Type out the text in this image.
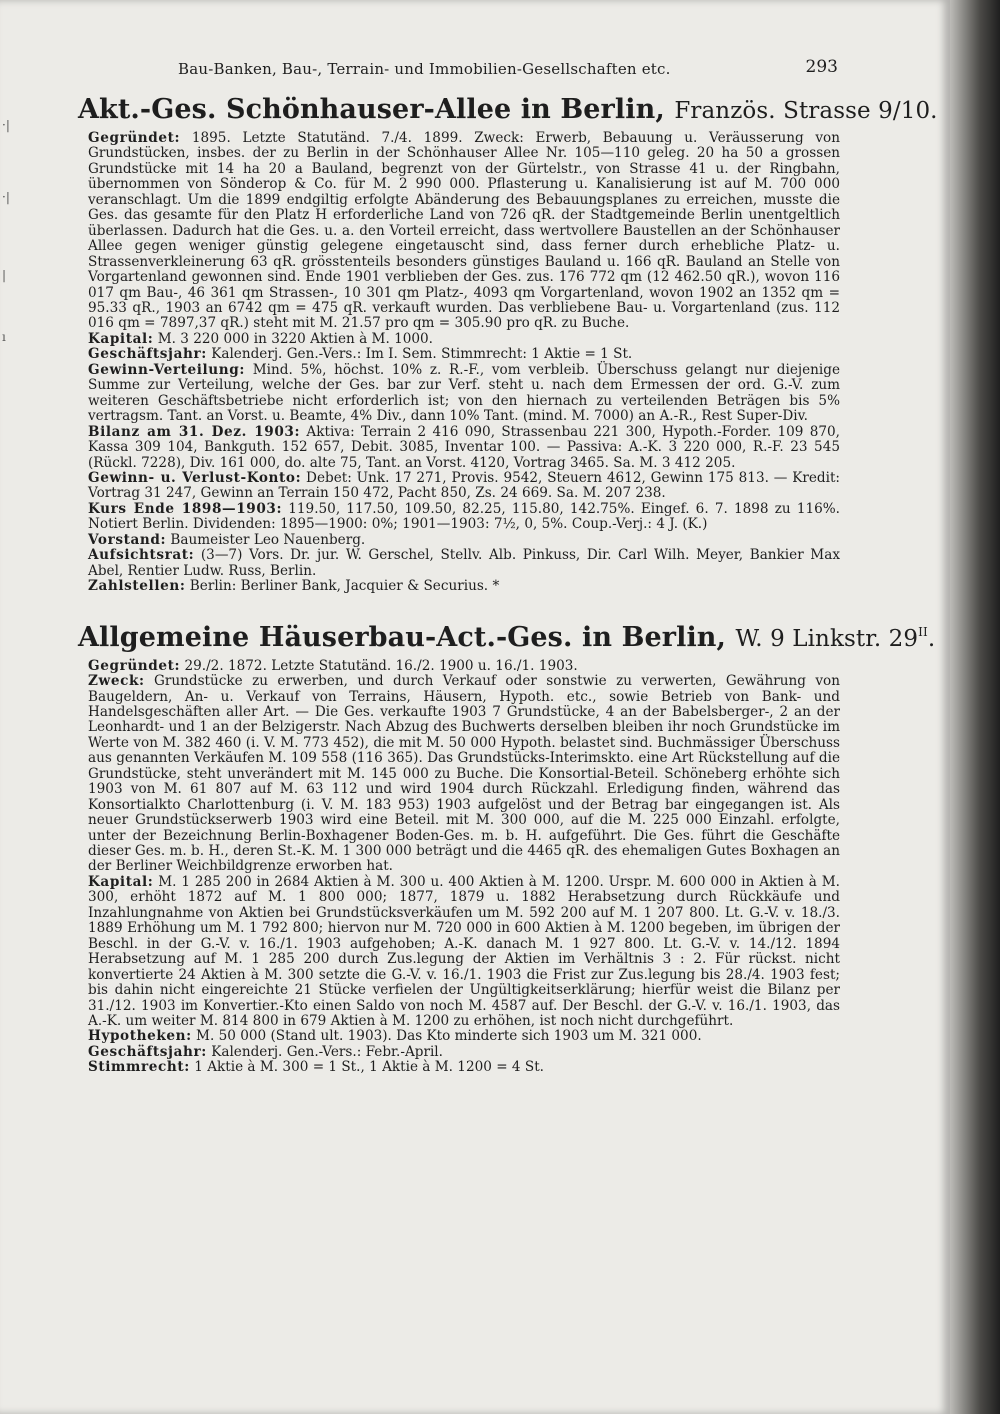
·|
·|
|
ı
Bau-Banken, Bau-, Terrain- und Immobilien-Gesellschaften etc.	293
Akt.-Ges. Schönhauser-Allee in Berlin, Französ. Strasse 9/10.

Gegründet: 1895. Letzte Statutänd. 7./4. 1899. Zweck: Erwerb, Bebauung u. Veräusserung von Grundstücken, insbes. der zu Berlin in der Schönhauser Allee Nr. 105—110 geleg. 20 ha 50 a grossen Grundstücke mit 14 ha 20 a Bauland, begrenzt von der Gürtelstr., von Strasse 41 u. der Ringbahn, übernommen von Sönderop & Co. für M. 2 990 000. Pflasterung u. Kanalisierung ist auf M. 700 000 veranschlagt. Um die 1899 endgiltig erfolgte Abänderung des Bebauungsplanes zu erreichen, musste die Ges. das gesamte für den Platz H erforderliche Land von 726 qR. der Stadtgemeinde Berlin unentgeltlich überlassen. Dadurch hat die Ges. u. a. den Vorteil erreicht, dass wertvollere Baustellen an der Schönhauser Allee gegen weniger günstig gelegene eingetauscht sind, dass ferner durch erhebliche Platz- u. Strassenverkleinerung 63 qR. grösstenteils besonders günstiges Bauland u. 166 qR. Bauland an Stelle von Vorgartenland gewonnen sind. Ende 1901 verblieben der Ges. zus. 176 772 qm (12 462.50 qR.), wovon 116 017 qm Bau-, 46 361 qm Strassen-, 10 301 qm Platz-, 4093 qm Vorgartenland, wovon 1902 an 1352 qm = 95.33 qR., 1903 an 6742 qm = 475 qR. verkauft wurden. Das verbliebene Bau- u. Vorgartenland (zus. 112 016 qm = 7897,37 qR.) steht mit M. 21.57 pro qm = 305.90 pro qR. zu Buche.

Kapital: M. 3 220 000 in 3220 Aktien à M. 1000.

Geschäftsjahr: Kalenderj. Gen.-Vers.: Im I. Sem. Stimmrecht: 1 Aktie = 1 St.

Gewinn-Verteilung: Mind. 5%, höchst. 10% z. R.-F., vom verbleib. Überschuss gelangt nur diejenige Summe zur Verteilung, welche der Ges. bar zur Verf. steht u. nach dem Ermessen der ord. G.-V. zum weiteren Geschäftsbetriebe nicht erforderlich ist; von den hiernach zu verteilenden Beträgen bis 5% vertragsm. Tant. an Vorst. u. Beamte, 4% Div., dann 10% Tant. (mind. M. 7000) an A.-R., Rest Super-Div.

Bilanz am 31. Dez. 1903: Aktiva: Terrain 2 416 090, Strassenbau 221 300, Hypoth.-Forder. 109 870, Kassa 309 104, Bankguth. 152 657, Debit. 3085, Inventar 100. — Passiva: A.-K. 3 220 000, R.-F. 23 545 (Rückl. 7228), Div. 161 000, do. alte 75, Tant. an Vorst. 4120, Vortrag 3465. Sa. M. 3 412 205.

Gewinn- u. Verlust-Konto: Debet: Unk. 17 271, Provis. 9542, Steuern 4612, Gewinn 175 813. — Kredit: Vortrag 31 247, Gewinn an Terrain 150 472, Pacht 850, Zs. 24 669. Sa. M. 207 238.

Kurs Ende 1898—1903: 119.50, 117.50, 109.50, 82.25, 115.80, 142.75%. Eingef. 6. 7. 1898 zu 116%. Notiert Berlin. Dividenden: 1895—1900: 0%; 1901—1903: 7½, 0, 5%. Coup.-Verj.: 4 J. (K.)

Vorstand: Baumeister Leo Nauenberg.

Aufsichtsrat: (3—7) Vors. Dr. jur. W. Gerschel, Stellv. Alb. Pinkuss, Dir. Carl Wilh. Meyer, Bankier Max Abel, Rentier Ludw. Russ, Berlin.

Zahlstellen: Berlin: Berliner Bank, Jacquier & Securius. *

Allgemeine Häuserbau-Act.-Ges. in Berlin, W. 9 Linkstr. $29^{II}$.

Gegründet: 29./2. 1872. Letzte Statutänd. 16./2. 1900 u. 16./1. 1903.

Zweck: Grundstücke zu erwerben, und durch Verkauf oder sonstwie zu verwerten, Gewährung von Baugeldern, An- u. Verkauf von Terrains, Häusern, Hypoth. etc., sowie Betrieb von Bank- und Handelsgeschäften aller Art. — Die Ges. verkaufte 1903 7 Grundstücke, 4 an der Babelsberger-, 2 an der Leonhardt- und 1 an der Belzigerstr. Nach Abzug des Buchwerts derselben bleiben ihr noch Grundstücke im Werte von M. 382 460 (i. V. M. 773 452), die mit M. 50 000 Hypoth. belastet sind. Buchmässiger Überschuss aus genannten Verkäufen M. 109 558 (116 365). Das Grundstücks-Interimskto. eine Art Rückstellung auf die Grundstücke, steht unverändert mit M. 145 000 zu Buche. Die Konsortial-Beteil. Schöneberg erhöhte sich 1903 von M. 61 807 auf M. 63 112 und wird 1904 durch Rückzahl. Erledigung finden, während das Konsortialkto Charlottenburg (i. V. M. 183 953) 1903 aufgelöst und der Betrag bar eingegangen ist. Als neuer Grundstückserwerb 1903 wird eine Beteil. mit M. 300 000, auf die M. 225 000 Einzahl. erfolgte, unter der Bezeichnung Berlin-Boxhagener Boden-Ges. m. b. H. aufgeführt. Die Ges. führt die Geschäfte dieser Ges. m. b. H., deren St.-K. M. 1 300 000 beträgt und die 4465 qR. des ehemaligen Gutes Boxhagen an der Berliner Weichbildgrenze erworben hat.

Kapital: M. 1 285 200 in 2684 Aktien à M. 300 u. 400 Aktien à M. 1200. Urspr. M. 600 000 in Aktien à M. 300, erhöht 1872 auf M. 1 800 000; 1877, 1879 u. 1882 Herabsetzung durch Rückkäufe und Inzahlungnahme von Aktien bei Grundstücksverkäufen um M. 592 200 auf M. 1 207 800. Lt. G.-V. v. 18./3. 1889 Erhöhung um M. 1 792 800; hiervon nur M. 720 000 in 600 Aktien à M. 1200 begeben, im übrigen der Beschl. in der G.-V. v. 16./1. 1903 aufgehoben; A.-K. danach M. 1 927 800. Lt. G.-V. v. 14./12. 1894 Herabsetzung auf M. 1 285 200 durch Zus.legung der Aktien im Verhältnis 3 : 2. Für rückst. nicht konvertierte 24 Aktien à M. 300 setzte die G.-V. v. 16./1. 1903 die Frist zur Zus.legung bis 28./4. 1903 fest; bis dahin nicht eingereichte 21 Stücke verfielen der Ungültigkeitserklärung; hierfür weist die Bilanz per 31./12. 1903 im Konvertier.-Kto einen Saldo von noch M. 4587 auf. Der Beschl. der G.-V. v. 16./1. 1903, das A.-K. um weiter M. 814 800 in 679 Aktien à M. 1200 zu erhöhen, ist noch nicht durchgeführt.

Hypotheken: M. 50 000 (Stand ult. 1903). Das Kto minderte sich 1903 um M. 321 000.

Geschäftsjahr: Kalenderj. Gen.-Vers.: Febr.-April.

Stimmrecht: 1 Aktie à M. 300 = 1 St., 1 Aktie à M. 1200 = 4 St.
